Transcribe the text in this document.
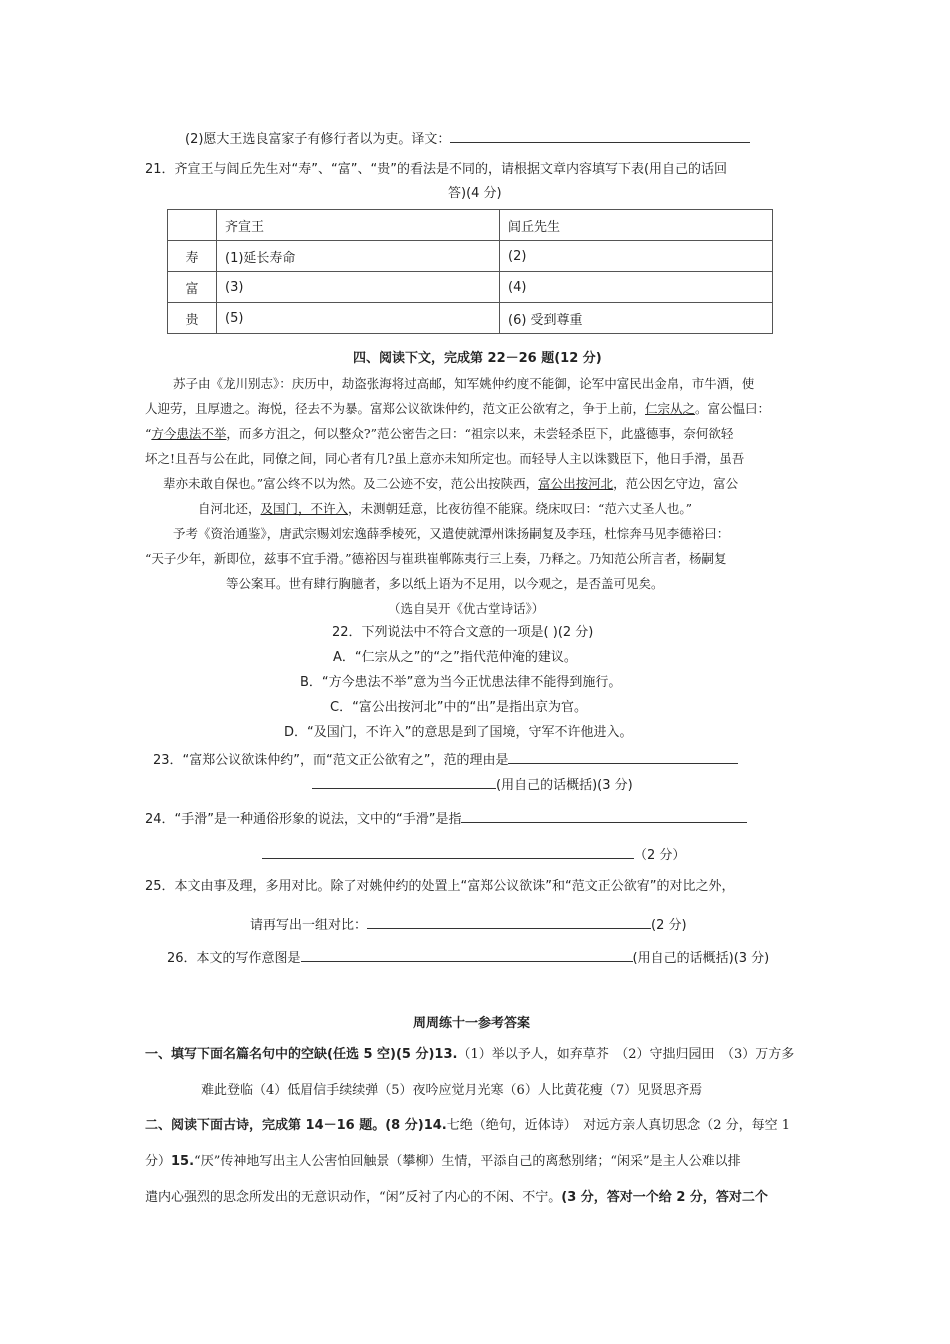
(2)愿大王选良富家子有修行者以为吏。译文：
21．齐宣王与闾丘先生对“寿”、“富”、“贵”的看法是不同的，请根据文章内容填写下表(用自己的话回
答)(4 分)
	齐宣王	闾丘先生
寿	(1)延长寿命	(2)
富	(3)	(4)
贵	(5)	(6) 受到尊重
四、阅读下文，完成第 22－26 题(12 分)
苏子由《龙川别志》：庆历中，劫盗张海将过高邮，知军姚仲约度不能御，论军中富民出金帛，市牛酒，使
人迎劳，且厚遗之。海悦，径去不为暴。富郑公议欲诛仲约，范文正公欲宥之，争于上前，仁宗从之。富公愠曰：
“方今患法不举，而多方沮之，何以整众?”范公密告之曰：“祖宗以来，未尝轻杀臣下，此盛德事，奈何欲轻
坏之!且吾与公在此，同僚之间，同心者有几?虽上意亦未知所定也。而轻导人主以诛戮臣下，他日手滑，虽吾
辈亦未敢自保也。”富公终不以为然。及二公迹不安，范公出按陕西，富公出按河北，范公因乞守边，富公
自河北还，及国门，不许入，未测朝廷意，比夜彷徨不能寐。绕床叹曰：“范六丈圣人也。”
予考《资治通鉴》，唐武宗赐刘宏逸薛季棱死，又遣使就潭州诛扬嗣复及李珏，杜悰奔马见李德裕曰：
“天子少年，新即位，兹事不宜手滑。”德裕因与崔珙崔郸陈夷行三上奏，乃释之。乃知范公所言者，杨嗣复
等公案耳。世有肆行胸臆者，多以纸上语为不足用，以今观之，是否盖可见矣。
（选自吴开《优古堂诗话》）
22．下列说法中不符合文意的一项是( )(2 分)
A．“仁宗从之”的“之”指代范仲淹的建议。
B．“方今患法不举”意为当今正忧患法律不能得到施行。
C．“富公出按河北”中的“出”是指出京为官。
D．“及国门，不许入”的意思是到了国境，守军不许他进入。
23．“富郑公议欲诛仲约”，而“范文正公欲宥之”，范的理由是
(用自己的话概括)(3 分)
24．“手滑”是一种通俗形象的说法，文中的“手滑”是指
（2 分）
25．本文由事及理，多用对比。除了对姚仲约的处置上“富郑公议欲诛”和“范文正公欲宥”的对比之外，
请再写出一组对比：	(2 分)
26．本文的写作意图是	(用自己的话概括)(3 分)
周周练十一参考答案
一、填写下面名篇名句中的空缺(任选 5 空)(5 分)13.（1）举以予人，如弃草芥　（2）守拙归园田　（3）万方多
难此登临（4）低眉信手续续弹（5）夜吟应觉月光寒（6）人比黄花瘦（7）见贤思齐焉
二、阅读下面古诗，完成第 14－16 题。(8 分)14.七绝（绝句，近体诗）　对远方亲人真切思念（2 分，每空 1
分）15.“厌”传神地写出主人公害怕回触景（攀柳）生情，平添自己的离愁别绪；“闲采”是主人公难以排
遣内心强烈的思念所发出的无意识动作，“闲”反衬了内心的不闲、不宁。(3 分，答对一个给 2 分，答对二个
